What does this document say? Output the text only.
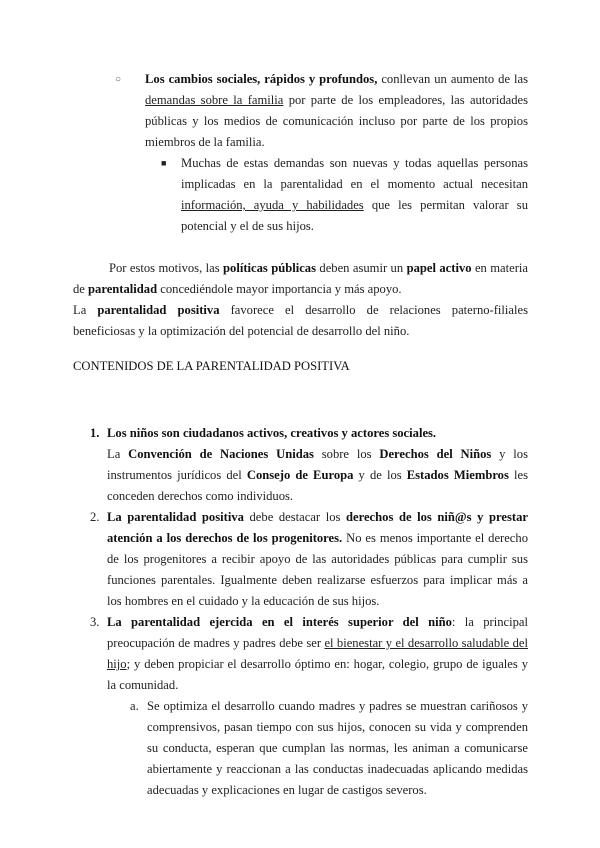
○ Los cambios sociales, rápidos y profundos, conllevan un aumento de las demandas sobre la familia por parte de los empleadores, las autoridades públicas y los medios de comunicación incluso por parte de los propios miembros de la familia.

■ Muchas de estas demandas son nuevas y todas aquellas personas implicadas en la parentalidad en el momento actual necesitan información, ayuda y habilidades que les permitan valorar su potencial y el de sus hijos.

Por estos motivos, las políticas públicas deben asumir un papel activo en materia de parentalidad concediéndole mayor importancia y más apoyo.

La parentalidad positiva favorece el desarrollo de relaciones paterno-filiales beneficiosas y la optimización del potencial de desarrollo del niño.

CONTENIDOS DE LA PARENTALIDAD POSITIVA
1. Los niños son ciudadanos activos, creativos y actores sociales.

La Convención de Naciones Unidas sobre los Derechos del Niños y los instrumentos jurídicos del Consejo de Europa y de los Estados Miembros les conceden derechos como individuos.

2. La parentalidad positiva debe destacar los derechos de los niñ@s y prestar atención a los derechos de los progenitores. No es menos importante el derecho de los progenitores a recibir apoyo de las autoridades públicas para cumplir sus funciones parentales. Igualmente deben realizarse esfuerzos para implicar más a los hombres en el cuidado y la educación de sus hijos.

3. La parentalidad ejercida en el interés superior del niño: la principal preocupación de madres y padres debe ser el bienestar y el desarrollo saludable del hijo; y deben propiciar el desarrollo óptimo en: hogar, colegio, grupo de iguales y la comunidad.

a. Se optimiza el desarrollo cuando madres y padres se muestran cariñosos y comprensivos, pasan tiempo con sus hijos, conocen su vida y comprenden su conducta, esperan que cumplan las normas, les animan a comunicarse abiertamente y reaccionan a las conductas inadecuadas aplicando medidas adecuadas y explicaciones en lugar de castigos severos.
